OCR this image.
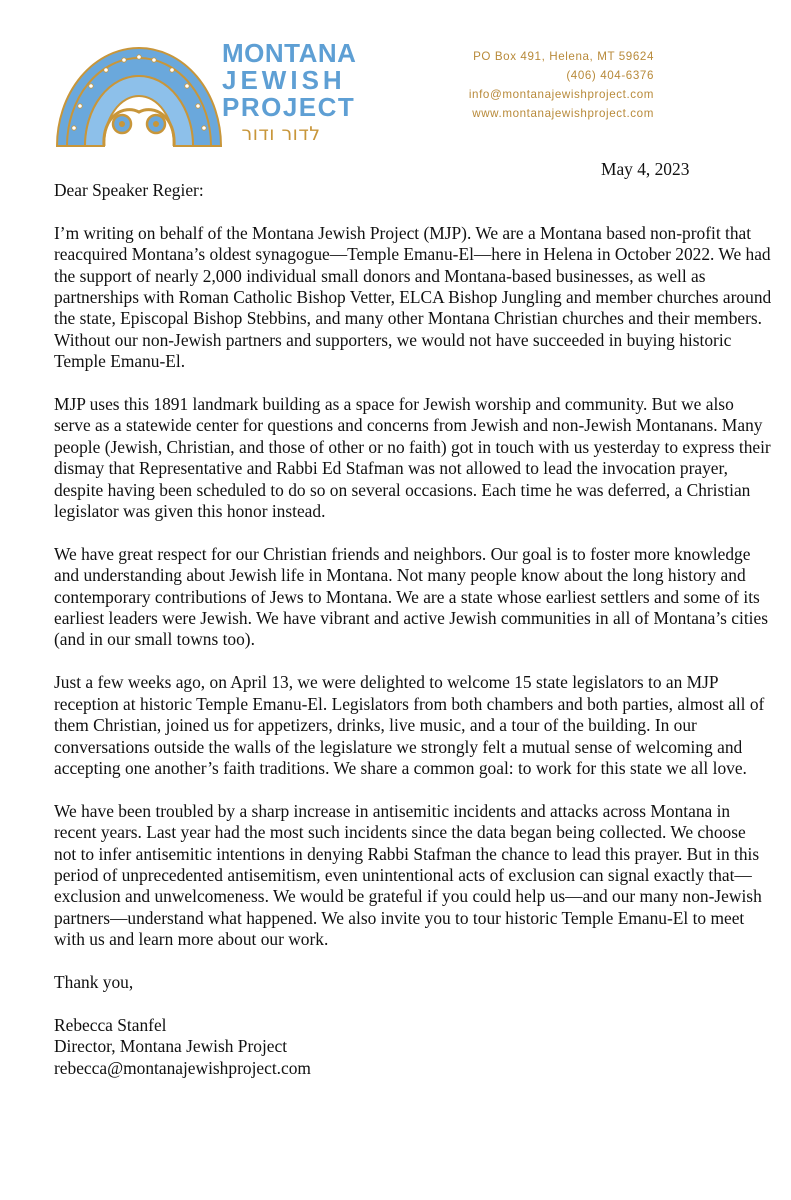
MONTANA
JEWISH
PROJECT
לדור ודור
PO Box 491, Helena, MT 59624
(406) 404-6376
info@montanajewishproject.com
www.montanajewishproject.com
May 4, 2023

Dear Speaker Regier:

I’m writing on behalf of the Montana Jewish Project (MJP). We are a Montana based non-profit that reacquired Montana’s oldest synagogue—Temple Emanu-El—here in Helena in October 2022. We had the support of nearly 2,000 individual small donors and Montana-based businesses, as well as partnerships with Roman Catholic Bishop Vetter, ELCA Bishop Jungling and member churches around the state, Episcopal Bishop Stebbins, and many other Montana Christian churches and their members. Without our non-Jewish partners and supporters, we would not have succeeded in buying historic Temple Emanu-El.

MJP uses this 1891 landmark building as a space for Jewish worship and community. But we also serve as a statewide center for questions and concerns from Jewish and non-Jewish Montanans. Many people (Jewish, Christian, and those of other or no faith) got in touch with us yesterday to express their dismay that Representative and Rabbi Ed Stafman was not allowed to lead the invocation prayer, despite having been scheduled to do so on several occasions. Each time he was deferred, a Christian legislator was given this honor instead.

We have great respect for our Christian friends and neighbors. Our goal is to foster more knowledge and understanding about Jewish life in Montana. Not many people know about the long history and contemporary contributions of Jews to Montana. We are a state whose earliest settlers and some of its earliest leaders were Jewish. We have vibrant and active Jewish communities in all of Montana’s cities (and in our small towns too).

Just a few weeks ago, on April 13, we were delighted to welcome 15 state legislators to an MJP reception at historic Temple Emanu-El. Legislators from both chambers and both parties, almost all of them Christian, joined us for appetizers, drinks, live music, and a tour of the building. In our conversations outside the walls of the legislature we strongly felt a mutual sense of welcoming and accepting one another’s faith traditions. We share a common goal: to work for this state we all love.

We have been troubled by a sharp increase in antisemitic incidents and attacks across Montana in recent years. Last year had the most such incidents since the data began being collected. We choose not to infer antisemitic intentions in denying Rabbi Stafman the chance to lead this prayer. But in this period of unprecedented antisemitism, even unintentional acts of exclusion can signal exactly that—exclusion and unwelcomeness. We would be grateful if you could help us—and our many non-Jewish partners—understand what happened. We also invite you to tour historic Temple Emanu-El to meet with us and learn more about our work.

Thank you,

Rebecca Stanfel
Director, Montana Jewish Project
rebecca@montanajewishproject.com
